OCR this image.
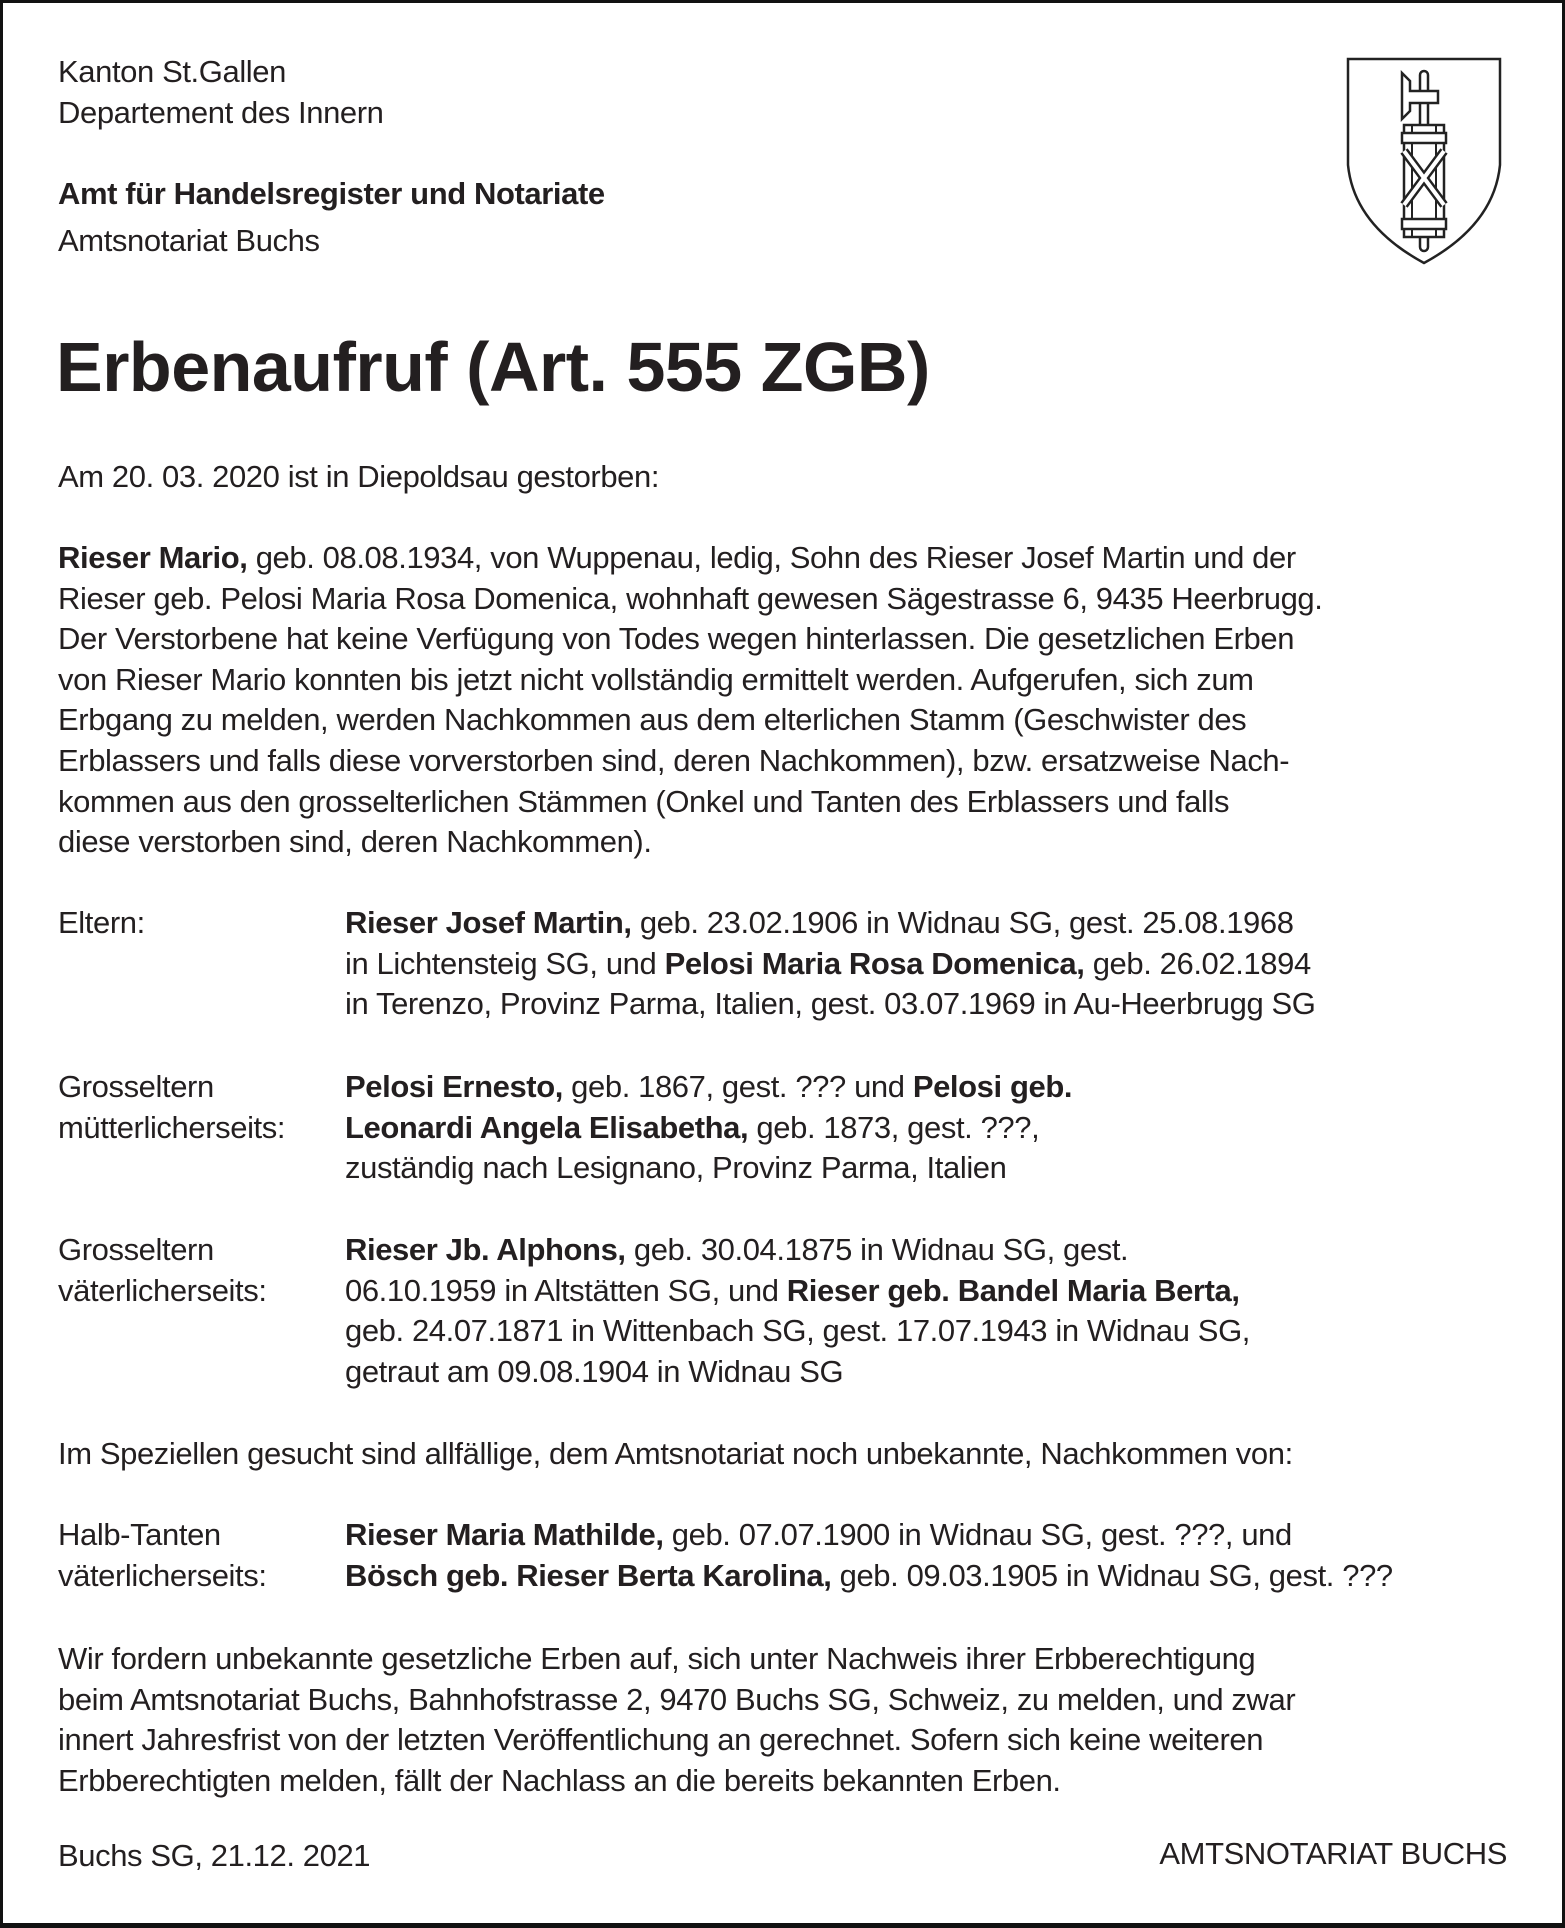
Kanton St.Gallen
Departement des Innern
Amt für Handelsregister und Notariate
Amtsnotariat Buchs
Erbenaufruf (Art. 555 ZGB)
Am 20. 03. 2020 ist in Diepoldsau gestorben:
Rieser Mario, geb. 08.08.1934, von Wuppenau, ledig, Sohn des Rieser Josef Martin und der
Rieser geb. Pelosi Maria Rosa Domenica, wohnhaft gewesen Sägestrasse 6, 9435 Heerbrugg.
Der Verstorbene hat keine Verfügung von Todes wegen hinterlassen. Die gesetzlichen Erben
von Rieser Mario konnten bis jetzt nicht vollständig ermittelt werden. Aufgerufen, sich zum
Erbgang zu melden, werden Nachkommen aus dem elterlichen Stamm (Geschwister des
Erblassers und falls diese vorverstorben sind, deren Nachkommen), bzw. ersatzweise Nach-
kommen aus den grosselterlichen Stämmen (Onkel und Tanten des Erblassers und falls
diese verstorben sind, deren Nachkommen).
Eltern:	Rieser Josef Martin, geb. 23.02.1906 in Widnau SG, gest. 25.08.1968
in Lichtensteig SG, und Pelosi Maria Rosa Domenica, geb. 26.02.1894
in Terenzo, Provinz Parma, Italien, gest. 03.07.1969 in Au-Heerbrugg SG
Grosseltern
mütterlicherseits:
Pelosi Ernesto, geb. 1867, gest. ??? und Pelosi geb.
Leonardi Angela Elisabetha, geb. 1873, gest. ???,
zuständig nach Lesignano, Provinz Parma, Italien
Grosseltern
väterlicherseits:
Rieser Jb. Alphons, geb. 30.04.1875 in Widnau SG, gest.
06.10.1959 in Altstätten SG, und Rieser geb. Bandel Maria Berta,
geb. 24.07.1871 in Wittenbach SG, gest. 17.07.1943 in Widnau SG,
getraut am 09.08.1904 in Widnau SG
Im Speziellen gesucht sind allfällige, dem Amtsnotariat noch unbekannte, Nachkommen von:
Halb-Tanten
väterlicherseits:
Rieser Maria Mathilde, geb. 07.07.1900 in Widnau SG, gest. ???, und
Bösch geb. Rieser Berta Karolina, geb. 09.03.1905 in Widnau SG, gest. ???
Wir fordern unbekannte gesetzliche Erben auf, sich unter Nachweis ihrer Erbberechtigung
beim Amtsnotariat Buchs, Bahnhofstrasse 2, 9470 Buchs SG, Schweiz, zu melden, und zwar
innert Jahresfrist von der letzten Veröffentlichung an gerechnet. Sofern sich keine weiteren
Erbberechtigten melden, fällt der Nachlass an die bereits bekannten Erben.
Buchs SG, 21.12. 2021	AMTSNOTARIAT BUCHS
